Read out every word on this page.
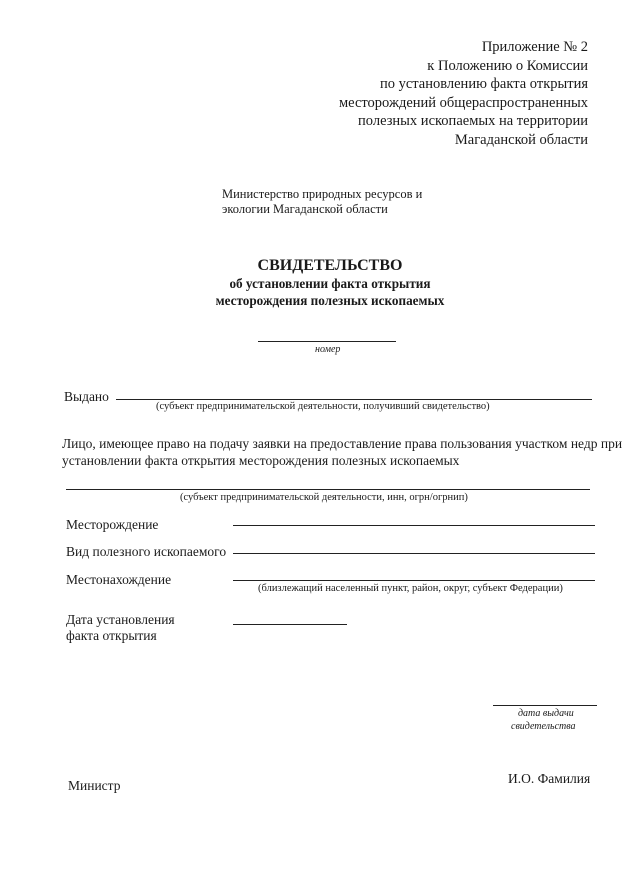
Приложение № 2
к Положению о Комиссии
по установлению факта открытия
месторождений общераспространенных
полезных ископаемых на территории
Магаданской области
Министерство природных ресурсов и
экологии Магаданской области
СВИДЕТЕЛЬСТВО
об установлении факта открытия
месторождения полезных ископаемых
номер
Выдано
(субъект предпринимательской деятельности, получивший свидетельство)
Лицо, имеющее право на подачу заявки на предоставление права пользования участком недр при
установлении факта открытия месторождения полезных ископаемых
(субъект предпринимательской деятельности, инн, огрн/огрнип)
Месторождение
Вид полезного ископаемого
Местонахождение
(близлежащий населенный пункт, район, округ, субъект Федерации)
Дата установления
факта открытия
дата выдачи
свидетельства
Министр	И.О. Фамилия
